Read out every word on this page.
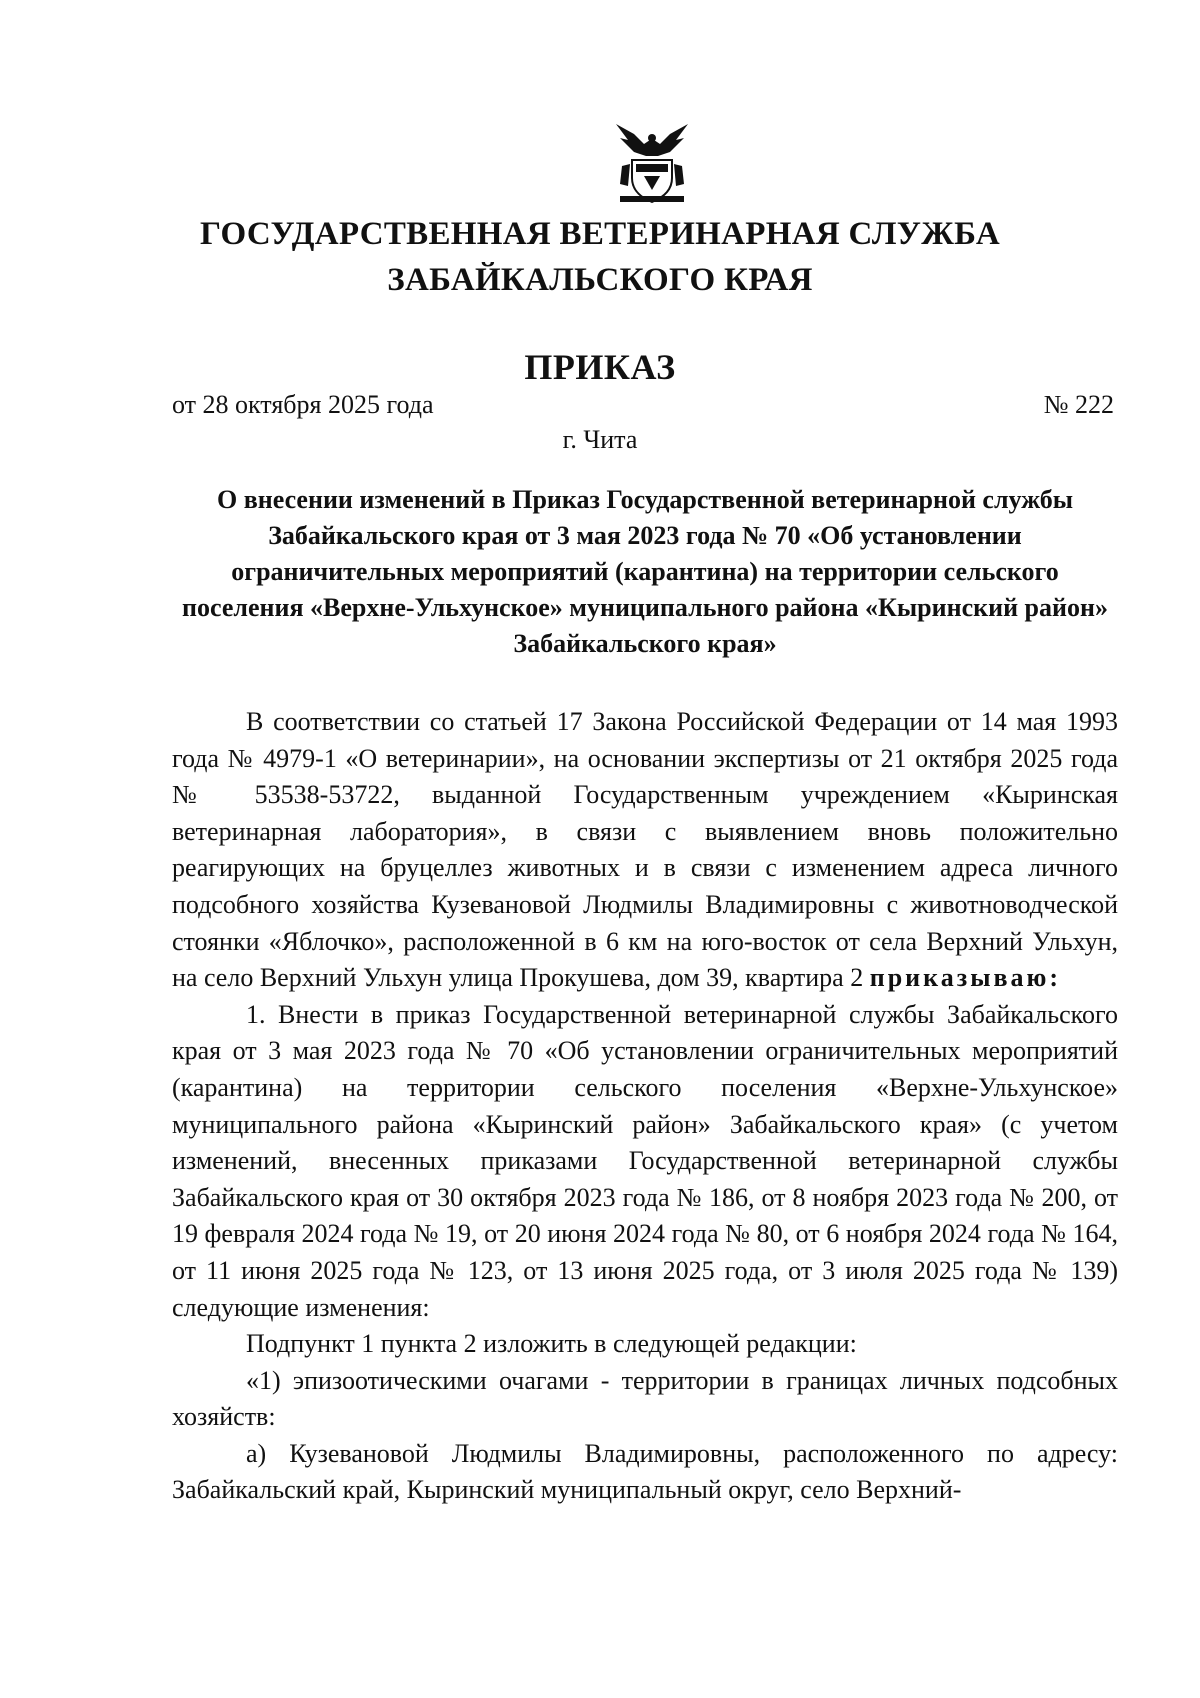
ГОСУДАРСТВЕННАЯ ВЕТЕРИНАРНАЯ СЛУЖБА
ЗАБАЙКАЛЬСКОГО КРАЯ
ПРИКАЗ
от 28 октября 2025 года	№ 222
г. Чита
О внесении изменений в Приказ Государственной ветеринарной службы Забайкальского края от 3 мая 2023 года № 70 «Об установлении ограничительных мероприятий (карантина) на территории сельского поселения «Верхне-Ульхунское» муниципального района «Кыринский район» Забайкальского края»

В соответствии со статьей 17 Закона Российской Федерации от 14 мая 1993 года № 4979-1 «О ветеринарии», на основании экспертизы от 21 октября 2025 года № 53538-53722, выданной Государственным учреждением «Кыринская ветеринарная лаборатория», в связи с выявлением вновь положительно реагирующих на бруцеллез животных и в связи с изменением адреса личного подсобного хозяйства Кузевановой Людмилы Владимировны с животноводческой стоянки «Яблочко», расположенной в 6 км на юго-восток от села Верхний Ульхун, на село Верхний Ульхун улица Прокушева, дом 39, квартира 2 приказываю:

1. Внести в приказ Государственной ветеринарной службы Забайкальского края от 3 мая 2023 года № 70 «Об установлении ограничительных мероприятий (карантина) на территории сельского поселения «Верхне-Ульхунское» муниципального района «Кыринский район» Забайкальского края» (с учетом изменений, внесенных приказами Государственной ветеринарной службы Забайкальского края от 30 октября 2023 года № 186, от 8 ноября 2023 года № 200, от 19 февраля 2024 года № 19, от 20 июня 2024 года № 80, от 6 ноября 2024 года № 164, от 11 июня 2025 года № 123, от 13 июня 2025 года, от 3 июля 2025 года № 139) следующие изменения:

Подпункт 1 пункта 2 изложить в следующей редакции:

«1) эпизоотическими очагами - территории в границах личных подсобных хозяйств:

а) Кузевановой Людмилы Владимировны, расположенного по адресу: Забайкальский край, Кыринский муниципальный округ, село Верхний-
